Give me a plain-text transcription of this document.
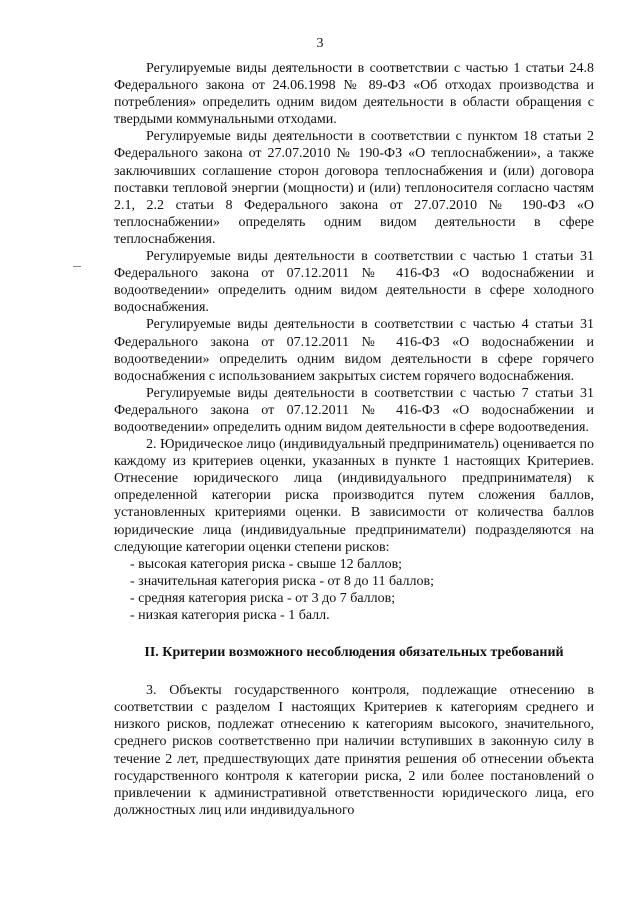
3

Регулируемые виды деятельности в соответствии с частью 1 статьи 24.8 Федерального закона от 24.06.1998 № 89-ФЗ «Об отходах производства и потребления» определить одним видом деятельности в области обращения с твердыми коммунальными отходами.

Регулируемые виды деятельности в соответствии с пунктом 18 статьи 2 Федерального закона от 27.07.2010 № 190-ФЗ «О теплоснабжении», а также заключивших соглашение сторон договора теплоснабжения и (или) договора поставки тепловой энергии (мощности) и (или) теплоносителя согласно частям 2.1, 2.2 статьи 8 Федерального закона от 27.07.2010 № 190-ФЗ «О теплоснабжении» определять одним видом деятельности в сфере теплоснабжения.

Регулируемые виды деятельности в соответствии с частью 1 статьи 31 Федерального закона от 07.12.2011 № 416-ФЗ «О водоснабжении и водоотведении» определить одним видом деятельности в сфере холодного водоснабжения.

Регулируемые виды деятельности в соответствии с частью 4 статьи 31 Федерального закона от 07.12.2011 № 416-ФЗ «О водоснабжении и водоотведении» определить одним видом деятельности в сфере горячего водоснабжения с использованием закрытых систем горячего водоснабжения.

Регулируемые виды деятельности в соответствии с частью 7 статьи 31 Федерального закона от 07.12.2011 № 416-ФЗ «О водоснабжении и водоотведении» определить одним видом деятельности в сфере водоотведения.

2. Юридическое лицо (индивидуальный предприниматель) оценивается по каждому из критериев оценки, указанных в пункте 1 настоящих Критериев. Отнесение юридического лица (индивидуального предпринимателя) к определенной категории риска производится путем сложения баллов, установленных критериями оценки. В зависимости от количества баллов юридические лица (индивидуальные предприниматели) подразделяются на следующие категории оценки степени рисков:

- высокая категория риска - свыше 12 баллов;

- значительная категория риска - от 8 до 11 баллов;

- средняя категория риска - от 3 до 7 баллов;

- низкая категория риска - 1 балл.

II. Критерии возможного несоблюдения обязательных требований

3. Объекты государственного контроля, подлежащие отнесению в соответствии с разделом I настоящих Критериев к категориям среднего и низкого рисков, подлежат отнесению к категориям высокого, значительного, среднего рисков соответственно при наличии вступивших в законную силу в течение 2 лет, предшествующих дате принятия решения об отнесении объекта государственного контроля к категории риска, 2 или более постановлений о привлечении к административной ответственности юридического лица, его должностных лиц или индивидуального
